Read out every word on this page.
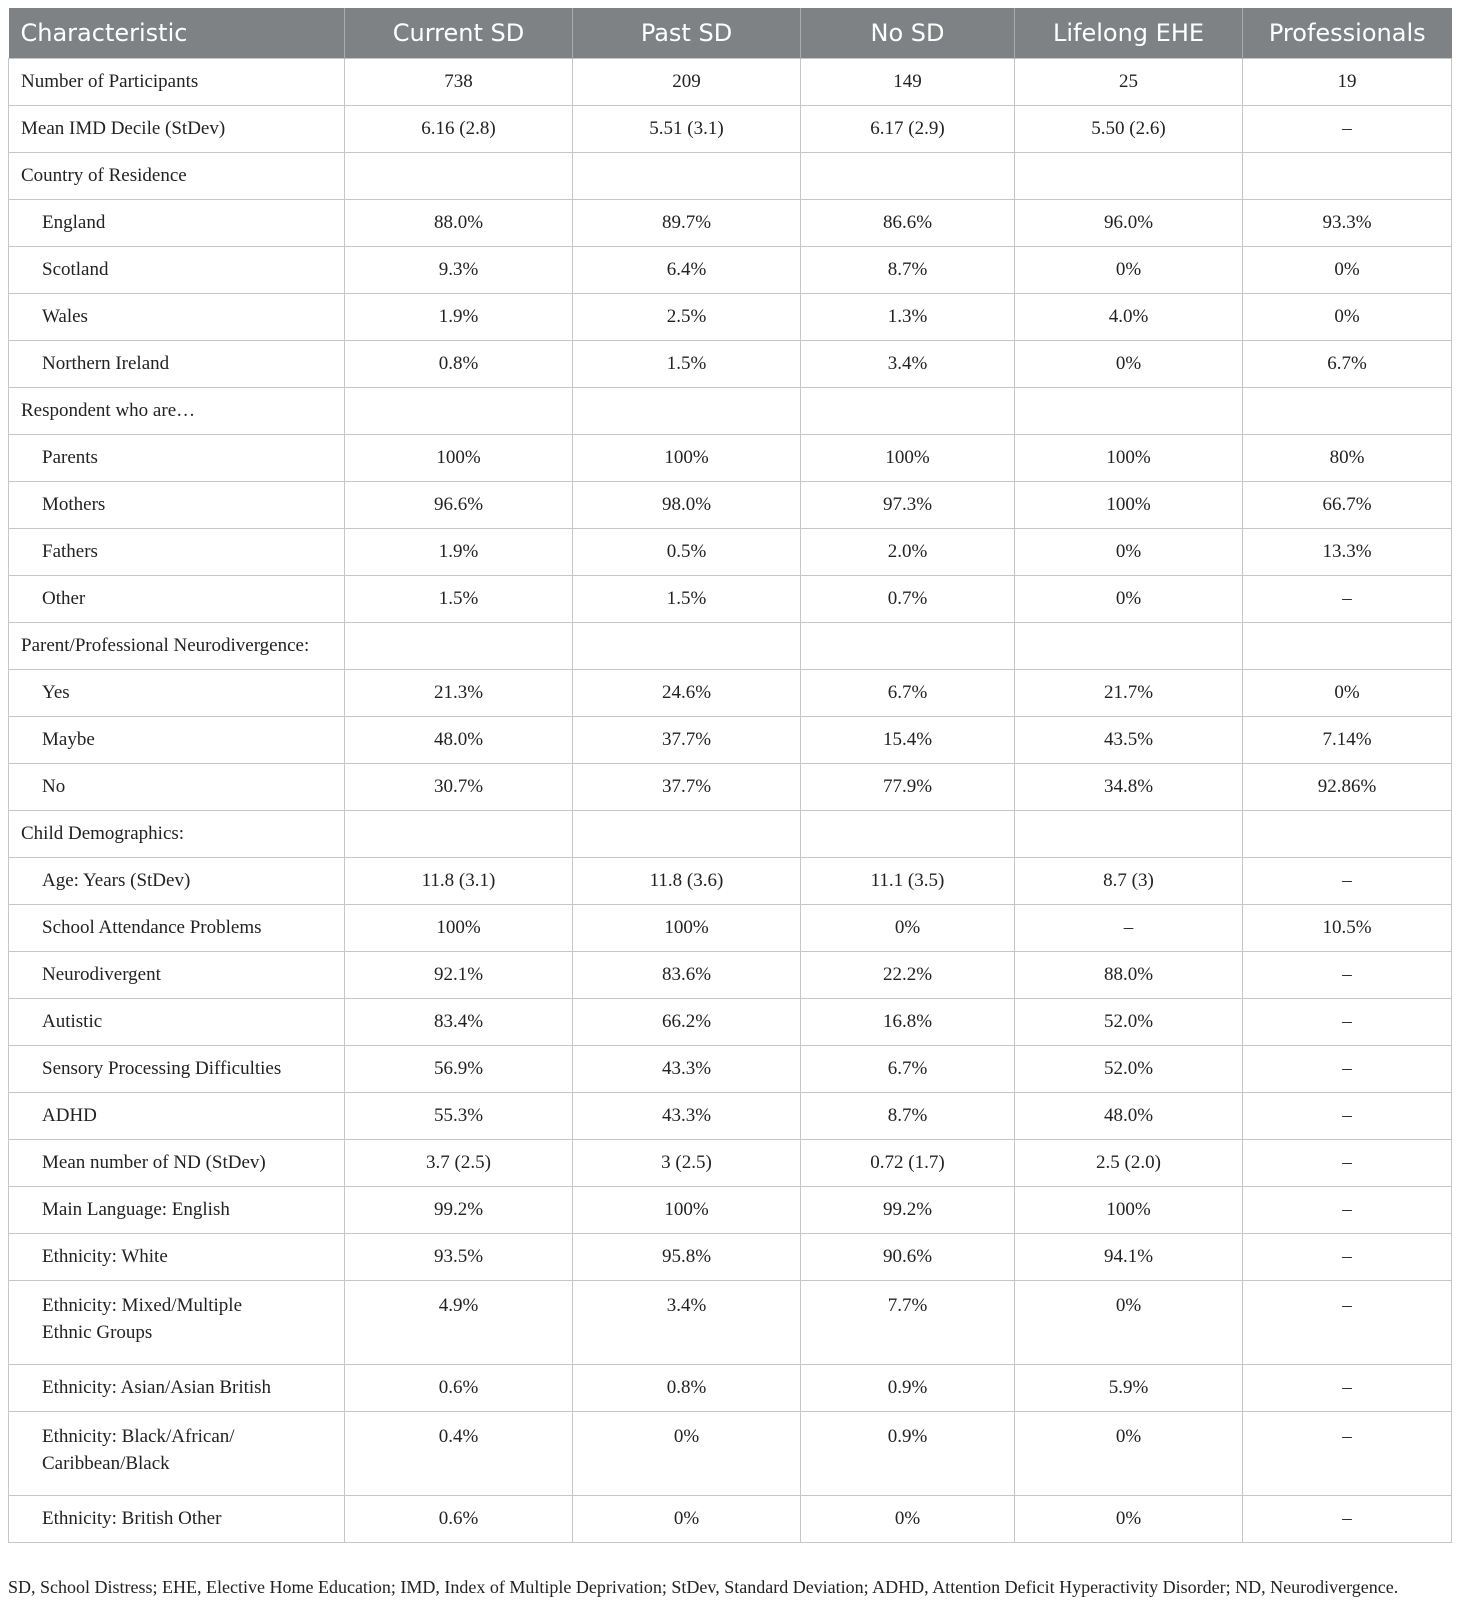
Characteristic	Current SD	Past SD	No SD	Lifelong EHE	Professionals
Number of Participants	738	209	149	25	19
Mean IMD Decile (StDev)	6.16 (2.8)	5.51 (3.1)	6.17 (2.9)	5.50 (2.6)	–
Country of Residence					
England	88.0%	89.7%	86.6%	96.0%	93.3%
Scotland	9.3%	6.4%	8.7%	0%	0%
Wales	1.9%	2.5%	1.3%	4.0%	0%
Northern Ireland	0.8%	1.5%	3.4%	0%	6.7%
Respondent who are…					
Parents	100%	100%	100%	100%	80%
Mothers	96.6%	98.0%	97.3%	100%	66.7%
Fathers	1.9%	0.5%	2.0%	0%	13.3%
Other	1.5%	1.5%	0.7%	0%	–
Parent/Professional Neurodivergence:					
Yes	21.3%	24.6%	6.7%	21.7%	0%
Maybe	48.0%	37.7%	15.4%	43.5%	7.14%
No	30.7%	37.7%	77.9%	34.8%	92.86%
Child Demographics:					
Age: Years (StDev)	11.8 (3.1)	11.8 (3.6)	11.1 (3.5)	8.7 (3)	–
School Attendance Problems	100%	100%	0%	–	10.5%
Neurodivergent	92.1%	83.6%	22.2%	88.0%	–
Autistic	83.4%	66.2%	16.8%	52.0%	–
Sensory Processing Difficulties	56.9%	43.3%	6.7%	52.0%	–
ADHD	55.3%	43.3%	8.7%	48.0%	–
Mean number of ND (StDev)	3.7 (2.5)	3 (2.5)	0.72 (1.7)	2.5 (2.0)	–
Main Language: English	99.2%	100%	99.2%	100%	–
Ethnicity: White	93.5%	95.8%	90.6%	94.1%	–
Ethnicity: Mixed/Multiple Ethnic Groups	4.9%	3.4%	7.7%	0%	–
Ethnicity: Asian/Asian British	0.6%	0.8%	0.9%	5.9%	–
Ethnicity: Black/African/ Caribbean/Black	0.4%	0%	0.9%	0%	–
Ethnicity: British Other	0.6%	0%	0%	0%	–
SD, School Distress; EHE, Elective Home Education; IMD, Index of Multiple Deprivation; StDev, Standard Deviation; ADHD, Attention Deficit Hyperactivity Disorder; ND, Neurodivergence.
